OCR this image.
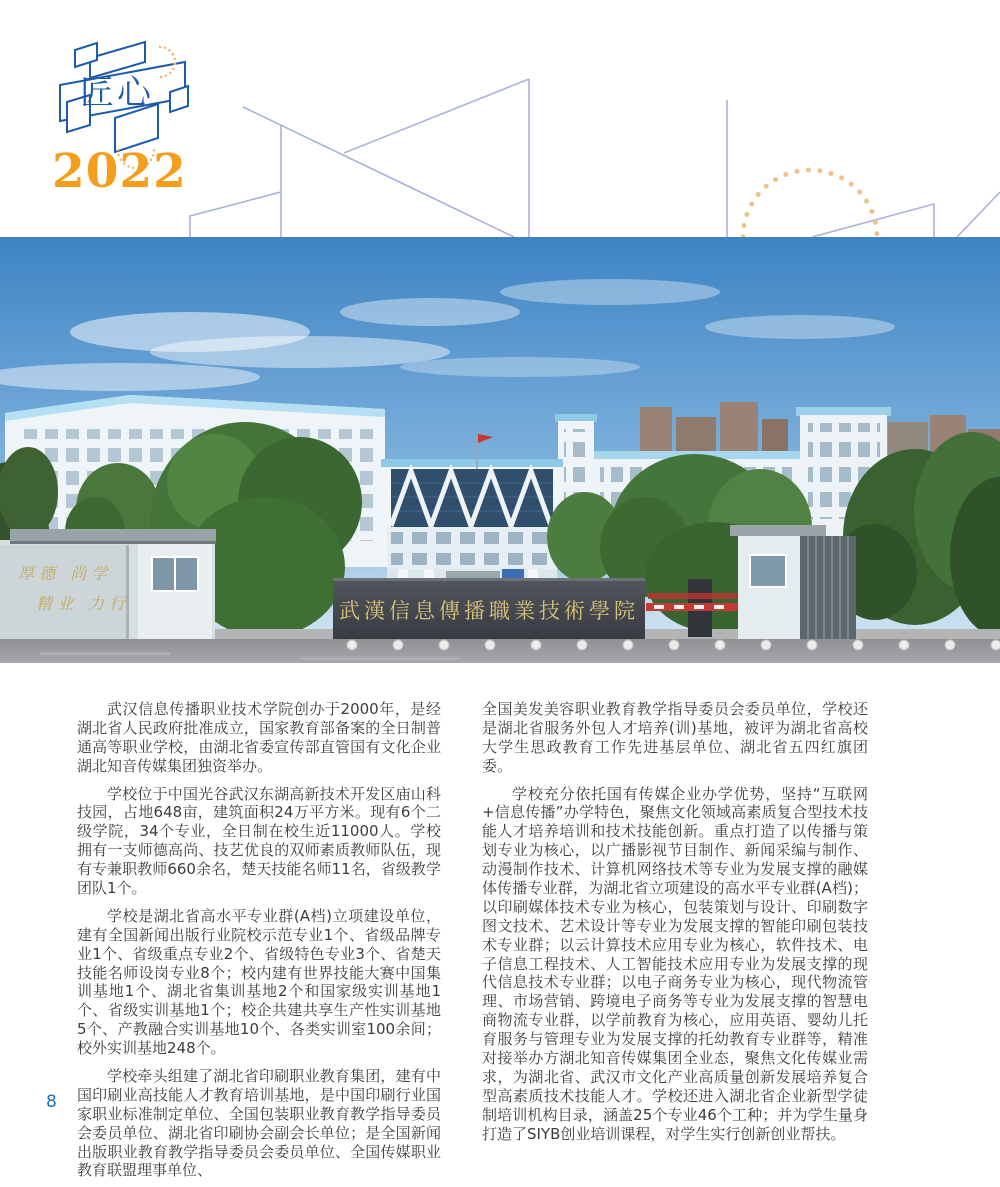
匠心
2022
厚德 尚学
精业 力行	武漢信息傳播職業技術學院

武汉信息传播职业技术学院创办于2000年，是经湖北省人民政府批准成立，国家教育部备案的全日制普通高等职业学校，由湖北省委宣传部直管国有文化企业湖北知音传媒集团独资举办。

学校位于中国光谷武汉东湖高新技术开发区庙山科技园，占地648亩，建筑面积24万平方米。现有6个二级学院，34个专业，全日制在校生近11000人。学校拥有一支师德高尚、技艺优良的双师素质教师队伍，现有专兼职教师660余名，楚天技能名师11名，省级教学团队1个。

学校是湖北省高水平专业群(A档)立项建设单位，建有全国新闻出版行业院校示范专业1个、省级品牌专业1个、省级重点专业2个、省级特色专业3个、省楚天技能名师设岗专业8个；校内建有世界技能大赛中国集训基地1个、湖北省集训基地2个和国家级实训基地1个、省级实训基地1个；校企共建共享生产性实训基地5个、产教融合实训基地10个、各类实训室100余间；校外实训基地248个。

学校牵头组建了湖北省印刷职业教育集团，建有中国印刷业高技能人才教育培训基地，是中国印刷行业国家职业标准制定单位、全国包装职业教育教学指导委员会委员单位、湖北省印刷协会副会长单位；是全国新闻出版职业教育教学指导委员会委员单位、全国传媒职业教育联盟理事单位、

全国美发美容职业教育教学指导委员会委员单位，学校还是湖北省服务外包人才培养(训)基地，被评为湖北省高校大学生思政教育工作先进基层单位、湖北省五四红旗团委。

学校充分依托国有传媒企业办学优势，坚持“互联网+信息传播”办学特色，聚焦文化领域高素质复合型技术技能人才培养培训和技术技能创新。重点打造了以传播与策划专业为核心，以广播影视节目制作、新闻采编与制作、动漫制作技术、计算机网络技术等专业为发展支撑的融媒体传播专业群，为湖北省立项建设的高水平专业群(A档)；以印刷媒体技术专业为核心，包装策划与设计、印刷数字图文技术、艺术设计等专业为发展支撑的智能印刷包装技术专业群；以云计算技术应用专业为核心，软件技术、电子信息工程技术、人工智能技术应用专业为发展支撑的现代信息技术专业群；以电子商务专业为核心，现代物流管理、市场营销、跨境电子商务等专业为发展支撑的智慧电商物流专业群，以学前教育为核心，应用英语、婴幼儿托育服务与管理专业为发展支撑的托幼教育专业群等，精准对接举办方湖北知音传媒集团全业态，聚焦文化传媒业需求，为湖北省、武汉市文化产业高质量创新发展培养复合型高素质技术技能人才。学校还进入湖北省企业新型学徒制培训机构目录，涵盖25个专业46个工种；并为学生量身打造了SIYB创业培训课程，对学生实行创新创业帮扶。

8
